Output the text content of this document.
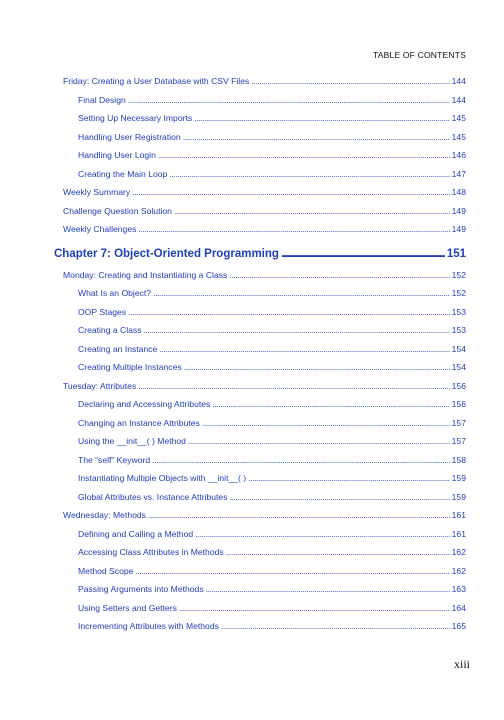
TABLE OF CONTENTS
Friday: Creating a User Database with CSV Files . . .	144
Final Design . . .	144
Setting Up Necessary Imports . . .	145
Handling User Registration . . .	145
Handling User Login . . .	146
Creating the Main Loop . . .	147
Weekly Summary . . .	148
Challenge Question Solution . . .	149
Weekly Challenges . . .	149
Chapter 7: Object-Oriented Programming . . .	151
Monday: Creating and Instantiating a Class . . .	152
What Is an Object? . . .	152
OOP Stages . . .	153
Creating a Class . . .	153
Creating an Instance . . .	154
Creating Multiple Instances . . .	154
Tuesday: Attributes . . .	156
Declaring and Accessing Attributes . . .	156
Changing an Instance Attributes . . .	157
Using the __init__( ) Method . . .	157
The “self” Keyword . . .	158
Instantiating Multiple Objects with __init__( ) . . .	159
Global Attributes vs. Instance Attributes . . .	159
Wednesday: Methods . . .	161
Defining and Calling a Method . . .	161
Accessing Class Attributes in Methods . . .	162
Method Scope . . .	162
Passing Arguments into Methods . . .	163
Using Setters and Getters . . .	164
Incrementing Attributes with Methods . . .	165
xiii
